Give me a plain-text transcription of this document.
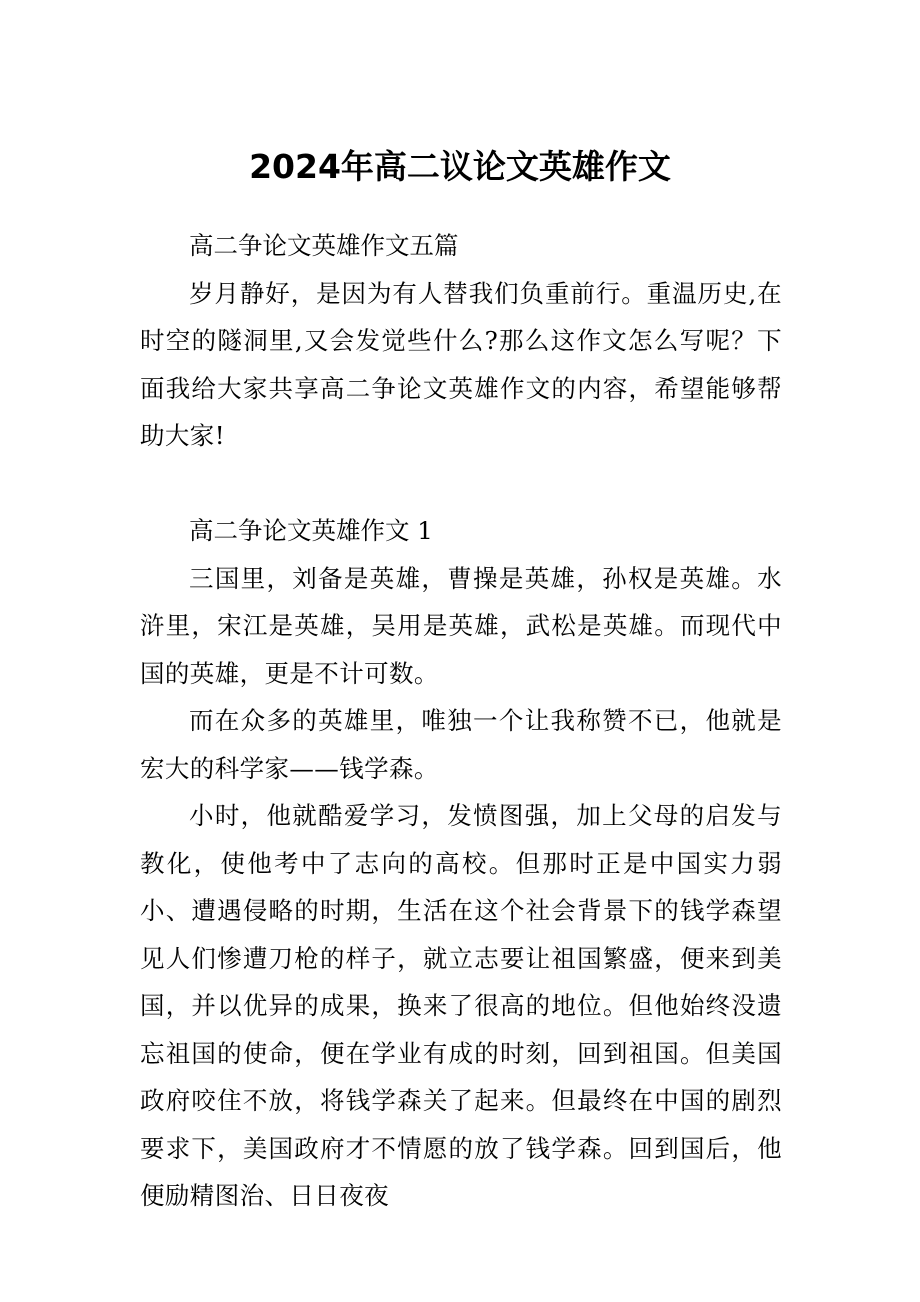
2024年高二议论文英雄作文

高二争论文英雄作文五篇

岁月静好，是因为有人替我们负重前行。重温历史,在时空的隧洞里,又会发觉些什么?那么这作文怎么写呢？下面我给大家共享高二争论文英雄作文的内容，希望能够帮助大家!

高二争论文英雄作文 1

三国里，刘备是英雄，曹操是英雄，孙权是英雄。水浒里，宋江是英雄，吴用是英雄，武松是英雄。而现代中国的英雄，更是不计可数。

而在众多的英雄里，唯独一个让我称赞不已，他就是宏大的科学家——钱学森。

小时，他就酷爱学习，发愤图强，加上父母的启发与教化，使他考中了志向的高校。但那时正是中国实力弱小、遭遇侵略的时期，生活在这个社会背景下的钱学森望见人们惨遭刀枪的样子，就立志要让祖国繁盛，便来到美国，并以优异的成果，换来了很高的地位。但他始终没遗忘祖国的使命，便在学业有成的时刻，回到祖国。但美国政府咬住不放，将钱学森关了起来。但最终在中国的剧烈要求下，美国政府才不情愿的放了钱学森。回到国后，他便励精图治、日日夜夜
